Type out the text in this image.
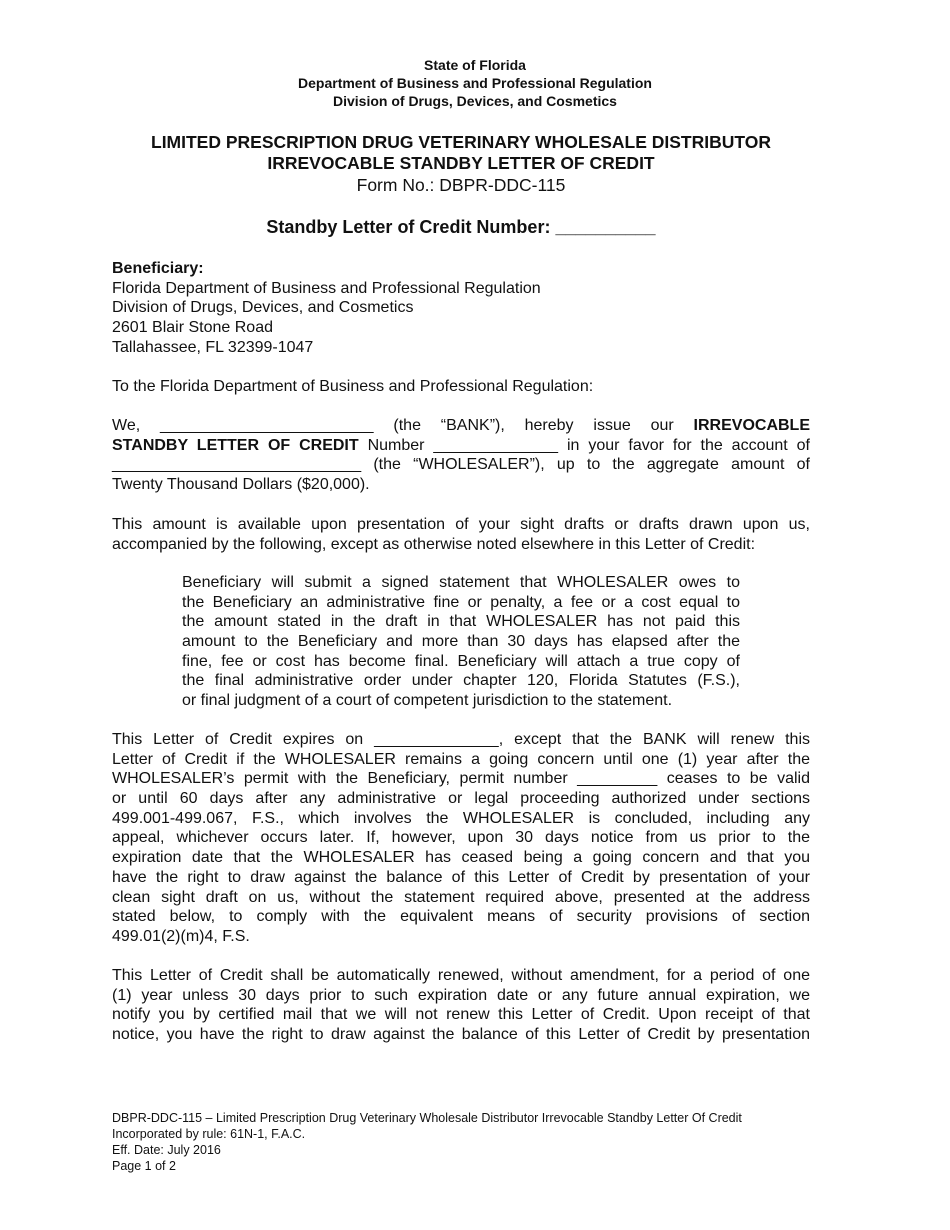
State of Florida
Department of Business and Professional Regulation
Division of Drugs, Devices, and Cosmetics
LIMITED PRESCRIPTION DRUG VETERINARY WHOLESALE DISTRIBUTOR
IRREVOCABLE STANDBY LETTER OF CREDIT
Form No.: DBPR-DDC-115
Standby Letter of Credit Number: __________
Beneficiary:
Florida Department of Business and Professional Regulation
Division of Drugs, Devices, and Cosmetics
2601 Blair Stone Road
Tallahassee, FL 32399-1047
To the Florida Department of Business and Professional Regulation:
We, ________________________ (the “BANK”), hereby issue our IRREVOCABLE
STANDBY LETTER OF CREDIT Number ______________ in your favor for the account of
____________________________ (the “WHOLESALER”), up to the aggregate amount of
Twenty Thousand Dollars ($20,000).
This amount is available upon presentation of your sight drafts or drafts drawn upon us,
accompanied by the following, except as otherwise noted elsewhere in this Letter of Credit:
Beneficiary will submit a signed statement that WHOLESALER owes to
the Beneficiary an administrative fine or penalty, a fee or a cost equal to
the amount stated in the draft in that WHOLESALER has not paid this
amount to the Beneficiary and more than 30 days has elapsed after the
fine, fee or cost has become final. Beneficiary will attach a true copy of
the final administrative order under chapter 120, Florida Statutes (F.S.),
or final judgment of a court of competent jurisdiction to the statement.
This Letter of Credit expires on ______________, except that the BANK will renew this
Letter of Credit if the WHOLESALER remains a going concern until one (1) year after the
WHOLESALER’s permit with the Beneficiary, permit number _________ ceases to be valid
or until 60 days after any administrative or legal proceeding authorized under sections
499.001-499.067, F.S., which involves the WHOLESALER is concluded, including any
appeal, whichever occurs later. If, however, upon 30 days notice from us prior to the
expiration date that the WHOLESALER has ceased being a going concern and that you
have the right to draw against the balance of this Letter of Credit by presentation of your
clean sight draft on us, without the statement required above, presented at the address
stated below, to comply with the equivalent means of security provisions of section
499.01(2)(m)4, F.S.
This Letter of Credit shall be automatically renewed, without amendment, for a period of one
(1) year unless 30 days prior to such expiration date or any future annual expiration, we
notify you by certified mail that we will not renew this Letter of Credit. Upon receipt of that
notice, you have the right to draw against the balance of this Letter of Credit by presentation
DBPR-DDC-115 – Limited Prescription Drug Veterinary Wholesale Distributor Irrevocable Standby Letter Of Credit
Incorporated by rule: 61N-1, F.A.C.
Eff. Date: July 2016
Page 1 of 2
